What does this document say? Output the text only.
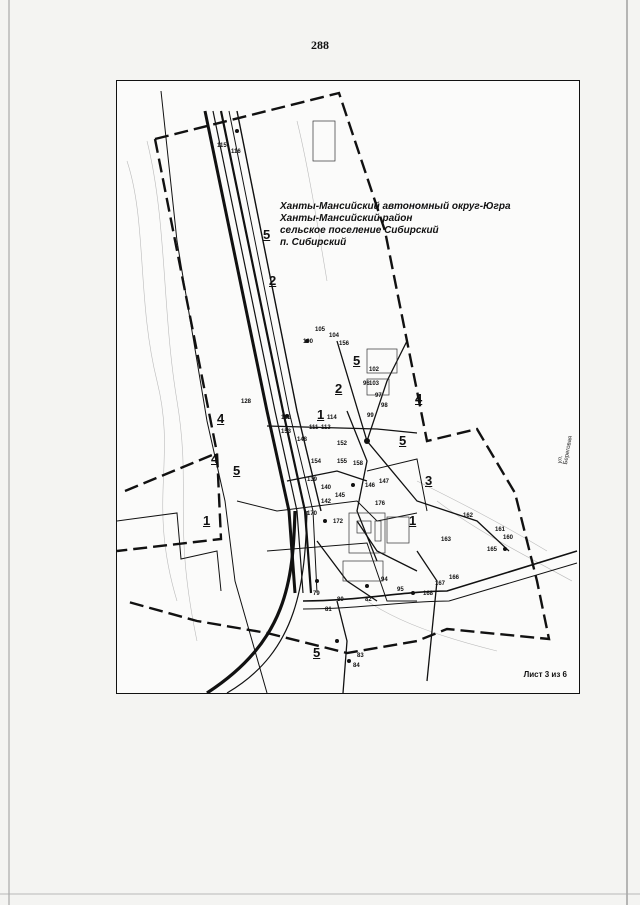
288
Ханты-Мансийский автономный округ-Югра
Ханты-Мансийский район
сельское поселение Сибирский
п. Сибирский
1	1
1
2
2
3
4
4
4
5
5
5
5
5
115
116
100
105
104
156
102
103
128
122
111 113
114
148
152
153
154	155 158
139
140
142
145
146
147
162
163
161
160
165
166
167
168
170
172
176
79
80
81
82
83
84
94
95
96
97
98
99
ул. Береговая
Лист 3 из 6
